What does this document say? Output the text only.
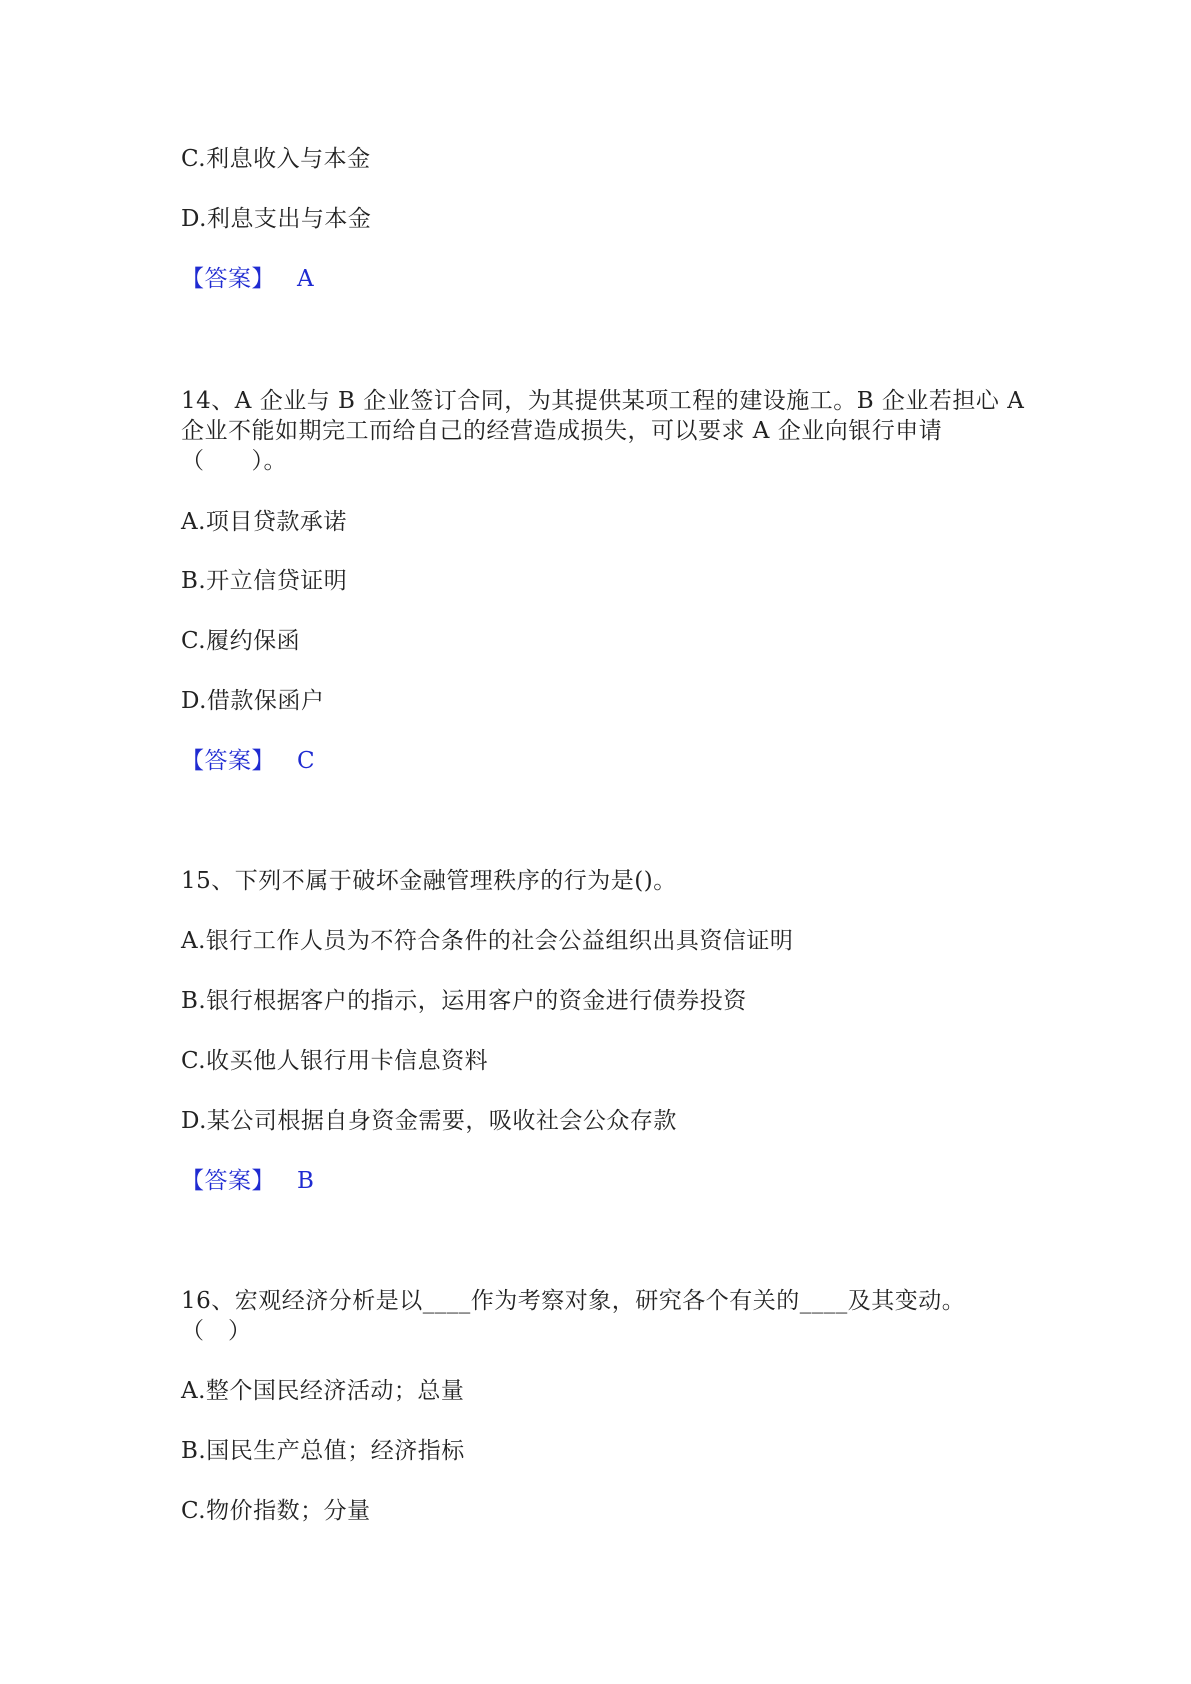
C.利息收入与本金
D.利息支出与本金
【答案】 A
14、A 企业与 B 企业签订合同，为其提供某项工程的建设施工。B 企业若担心 A
企业不能如期完工而给自己的经营造成损失，可以要求 A 企业向银行申请
（　　）。
A.项目贷款承诺
B.开立信贷证明
C.履约保函
D.借款保函户
【答案】 C
15、下列不属于破坏金融管理秩序的行为是()。
A.银行工作人员为不符合条件的社会公益组织出具资信证明
B.银行根据客户的指示，运用客户的资金进行债券投资
C.收买他人银行用卡信息资料
D.某公司根据自身资金需要，吸收社会公众存款
【答案】 B
16、宏观经济分析是以____作为考察对象，研究各个有关的____及其变动。
（　）
A.整个国民经济活动；总量
B.国民生产总值；经济指标
C.物价指数；分量
